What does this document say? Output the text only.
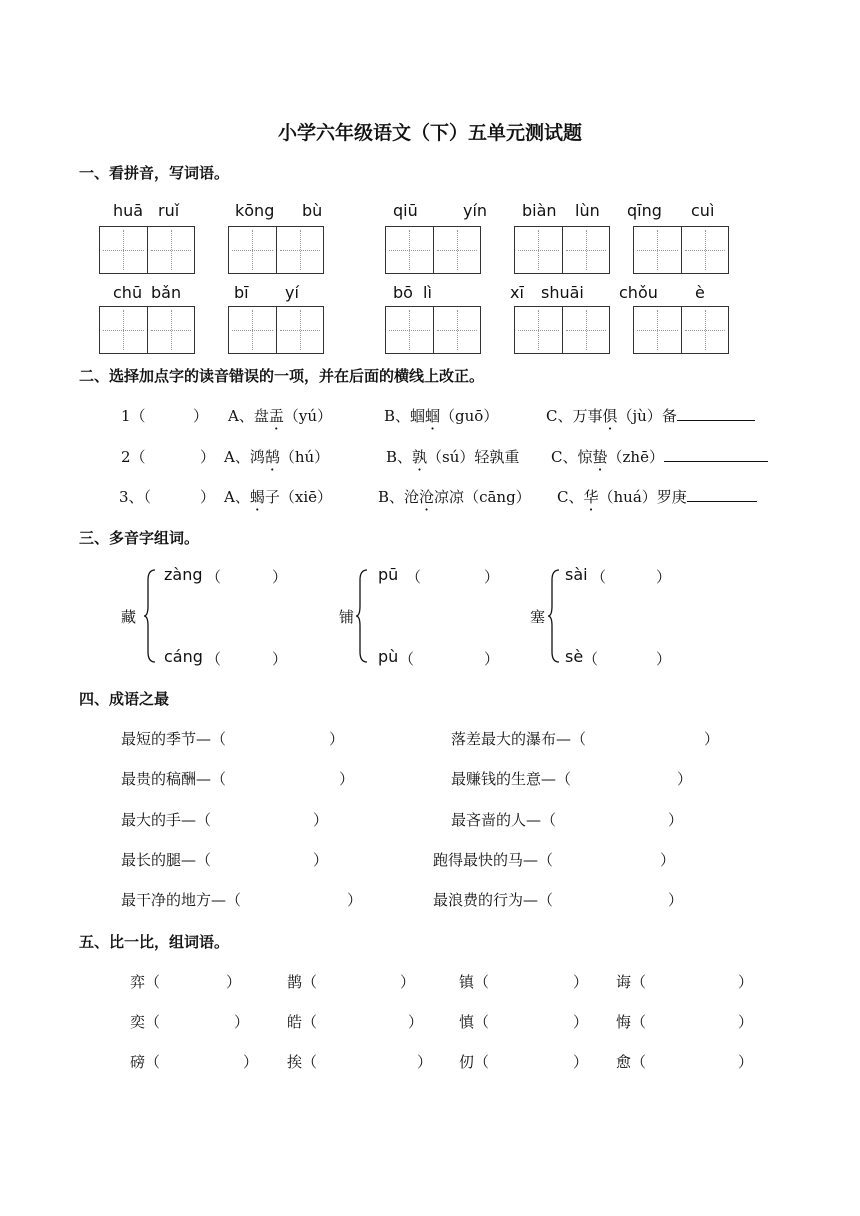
小学六年级语文（下）五单元测试题
一、看拼音，写词语。
huā ruǐ	kōng bù	qiū	yín biàn lùn qīng cuì
chū bǎn	bī yí	bō lì	xī shuāi chǒu è
二、选择加点字的读音错误的一项，并在后面的横线上改正。
1（	） A、盘盂（yú）	B、蝈蝈（guō）	C、万事俱（jù）备
2（	） A、鸿鹄（hú）	B、孰（sú）轻孰重 C、惊蛰（zhē）
3、（	） A、蝎子（xiē）	B、沧沧凉凉（cāng） C、华（huá）罗庚
三、多音字组词。
藏
zàng （	）
cáng （	）
铺
pū （	）
pù （	）
塞
sài （	）
sè （	）
四、成语之最
最短的季节—（	）	落差最大的瀑布—（	）
最贵的稿酬—（	）	最赚钱的生意—（	）
最大的手—（	）	最吝啬的人—（	）
最长的腿—（	）	跑得最快的马—（	）
最干净的地方—（	）	最浪费的行为—（	）
五、比一比，组词语。
弈（	）	鹊（	）	镇（	） 诲（	）
奕（	）	皓（	） 慎（	） 悔（	）
磅（	） 挨（	） 仞（	） 愈（	）
